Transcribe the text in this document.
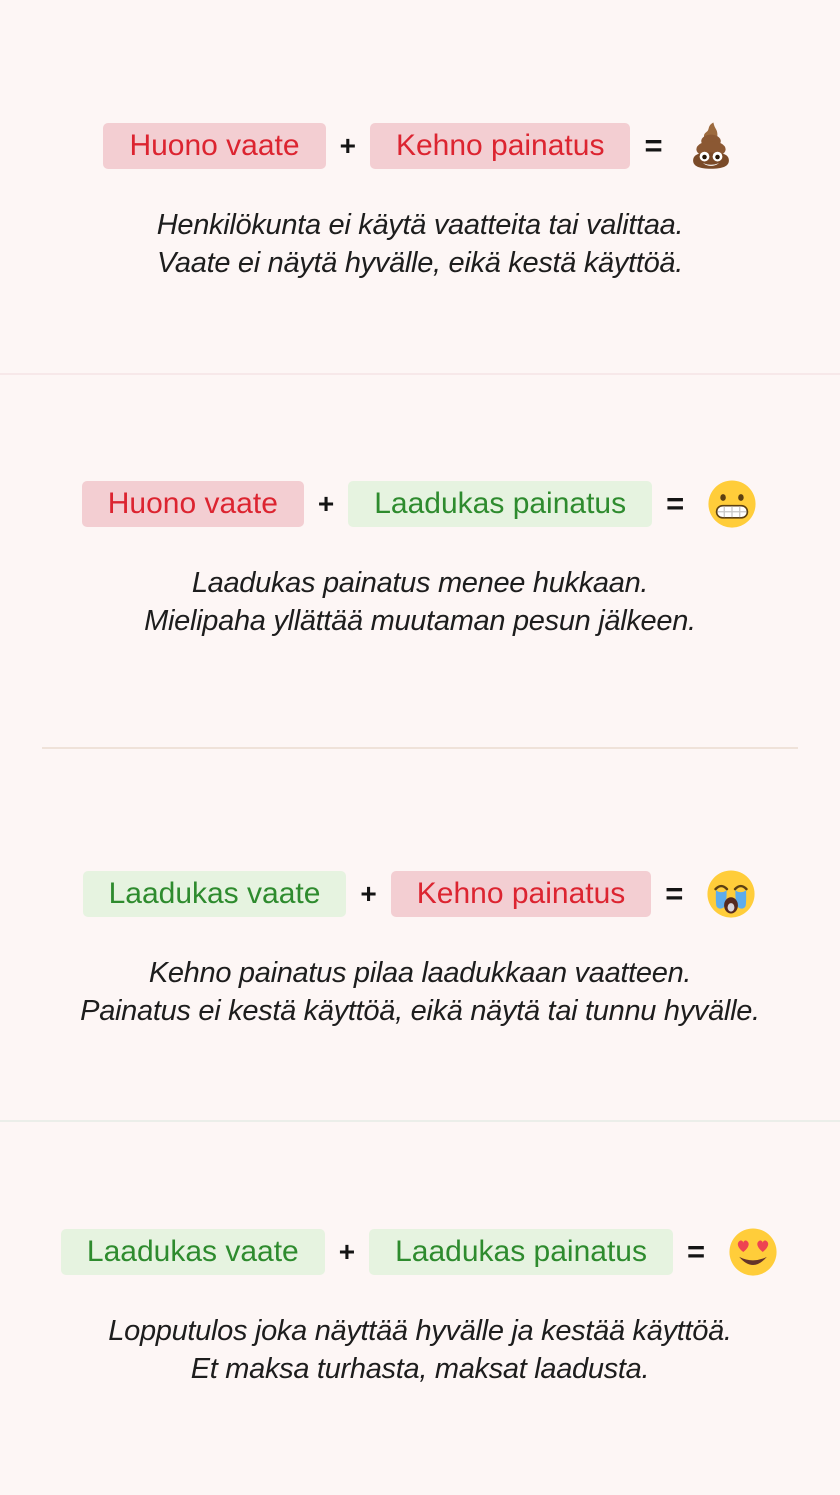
Huono vaate	+	Kehno painatus	=
Henkilökunta ei käytä vaatteita tai valittaa.
Vaate ei näytä hyvälle, eikä kestä käyttöä.
Huono vaate	+	Laadukas painatus	=
Laadukas painatus menee hukkaan.
Mielipaha yllättää muutaman pesun jälkeen.
Laadukas vaate	+	Kehno painatus	=
Kehno painatus pilaa laadukkaan vaatteen.
Painatus ei kestä käyttöä, eikä näytä tai tunnu hyvälle.
Laadukas vaate	+	Laadukas painatus	=
Lopputulos joka näyttää hyvälle ja kestää käyttöä.
Et maksa turhasta, maksat laadusta.
